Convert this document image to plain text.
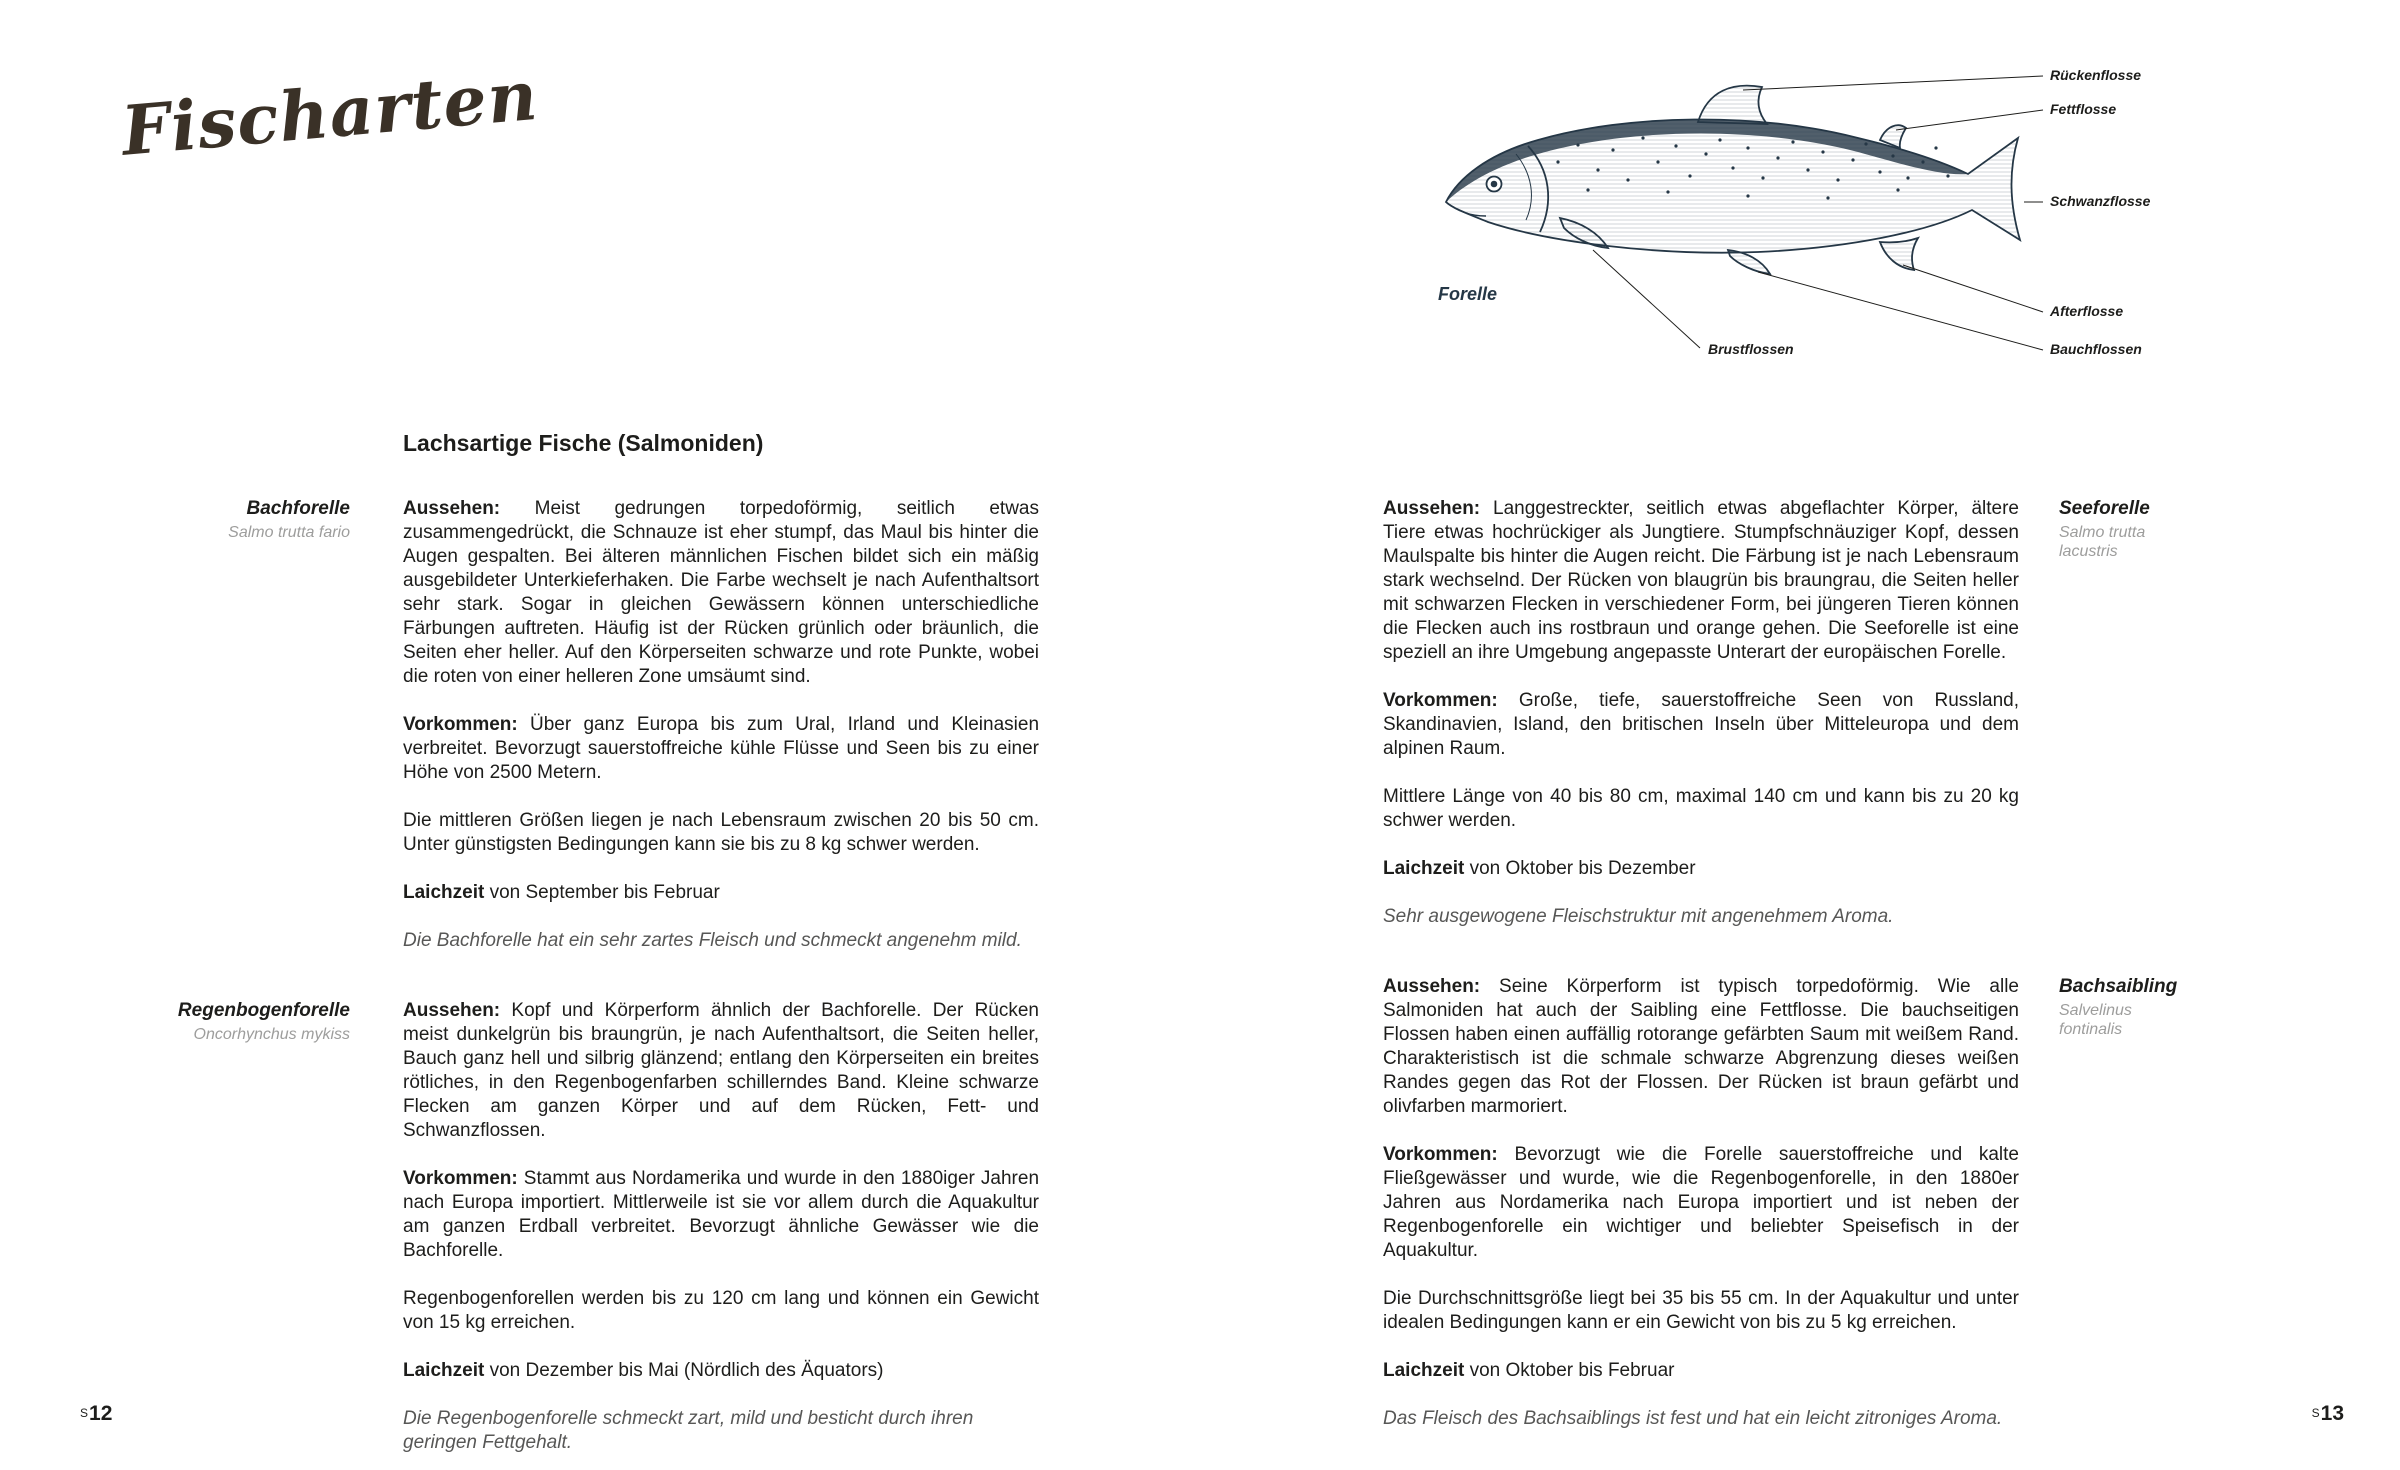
Fischarten	Rückenflosse
Fettflosse
Schwanzflosse
Afterflosse
Bauchflossen
Brustflossen
Forelle
Lachsartige Fische (Salmoniden)
Bachforelle
Salmo trutta fario

Aussehen: Meist gedrungen torpedoförmig, seitlich etwas zusammengedrückt, die Schnauze ist eher stumpf, das Maul bis hinter die Augen gespalten. Bei älteren männlichen Fischen bildet sich ein mäßig ausgebildeter Unterkieferhaken. Die Farbe wechselt je nach Aufenthaltsort sehr stark. Sogar in gleichen Gewässern können unterschiedliche Färbungen auftreten. Häufig ist der Rücken grünlich oder bräunlich, die Seiten eher heller. Auf den Körperseiten schwarze und rote Punkte, wobei die roten von einer helleren Zone umsäumt sind.

Vorkommen: Über ganz Europa bis zum Ural, Irland und Kleinasien verbreitet. Bevorzugt sauerstoffreiche kühle Flüsse und Seen bis zu einer Höhe von 2500 Metern.

Die mittleren Größen liegen je nach Lebensraum zwischen 20 bis 50 cm. Unter günstigsten Bedingungen kann sie bis zu 8 kg schwer werden.

Laichzeit von September bis Februar

Die Bachforelle hat ein sehr zartes Fleisch und schmeckt angenehm mild.

Regenbogenforelle
Oncorhynchus mykiss

Aussehen: Kopf und Körperform ähnlich der Bachforelle. Der Rücken meist dunkelgrün bis braungrün, je nach Aufenthaltsort, die Seiten heller, Bauch ganz hell und silbrig glänzend; entlang den Körperseiten ein breites rötliches, in den Regenbogenfarben schillerndes Band. Kleine schwarze Flecken am ganzen Körper und auf dem Rücken, Fett- und Schwanzflossen.

Vorkommen: Stammt aus Nordamerika und wurde in den 1880iger Jahren nach Europa importiert. Mittlerweile ist sie vor allem durch die Aquakultur am ganzen Erdball verbreitet. Bevorzugt ähnliche Gewässer wie die Bachforelle.

Regenbogenforellen werden bis zu 120 cm lang und können ein Gewicht von 15 kg erreichen.

Laichzeit von Dezember bis Mai (Nördlich des Äquators)

Die Regenbogenforelle schmeckt zart, mild und besticht durch ihren geringen Fettgehalt.

Aussehen: Langgestreckter, seitlich etwas abgeflachter Körper, ältere Tiere etwas hochrückiger als Jungtiere. Stumpfschnäuziger Kopf, dessen Maulspalte bis hinter die Augen reicht. Die Färbung ist je nach Lebensraum stark wechselnd. Der Rücken von blaugrün bis braungrau, die Seiten heller mit schwarzen Flecken in verschiedener Form, bei jüngeren Tieren können die Flecken auch ins rostbraun und orange gehen. Die Seeforelle ist eine speziell an ihre Umgebung angepasste Unterart der europäischen Forelle.

Vorkommen: Große, tiefe, sauerstoffreiche Seen von Russland, Skandinavien, Island, den britischen Inseln über Mitteleuropa und dem alpinen Raum.

Mittlere Länge von 40 bis 80 cm, maximal 140 cm und kann bis zu 20 kg schwer werden.

Laichzeit von Oktober bis Dezember

Sehr ausgewogene Fleischstruktur mit angenehmem Aroma.

Seeforelle
Salmo trutta lacustris

Aussehen: Seine Körperform ist typisch torpedoförmig. Wie alle Salmoniden hat auch der Saibling eine Fettflosse. Die bauchseitigen Flossen haben einen auffällig rotorange gefärbten Saum mit weißem Rand. Charakteristisch ist die schmale schwarze Abgrenzung dieses weißen Randes gegen das Rot der Flossen. Der Rücken ist braun gefärbt und olivfarben marmoriert.

Vorkommen: Bevorzugt wie die Forelle sauerstoffreiche und kalte Fließgewässer und wurde, wie die Regenbogenforelle, in den 1880er Jahren aus Nordamerika nach Europa importiert und ist neben der Regenbogenforelle ein wichtiger und beliebter Speisefisch in der Aquakultur.

Die Durchschnittsgröße liegt bei 35 bis 55 cm. In der Aquakultur und unter idealen Bedingungen kann er ein Gewicht von bis zu 5 kg erreichen.

Laichzeit von Oktober bis Februar

Das Fleisch des Bachsaiblings ist fest und hat ein leicht zitroniges Aroma.

Bachsaibling
Salvelinus fontinalis
S12	S13
